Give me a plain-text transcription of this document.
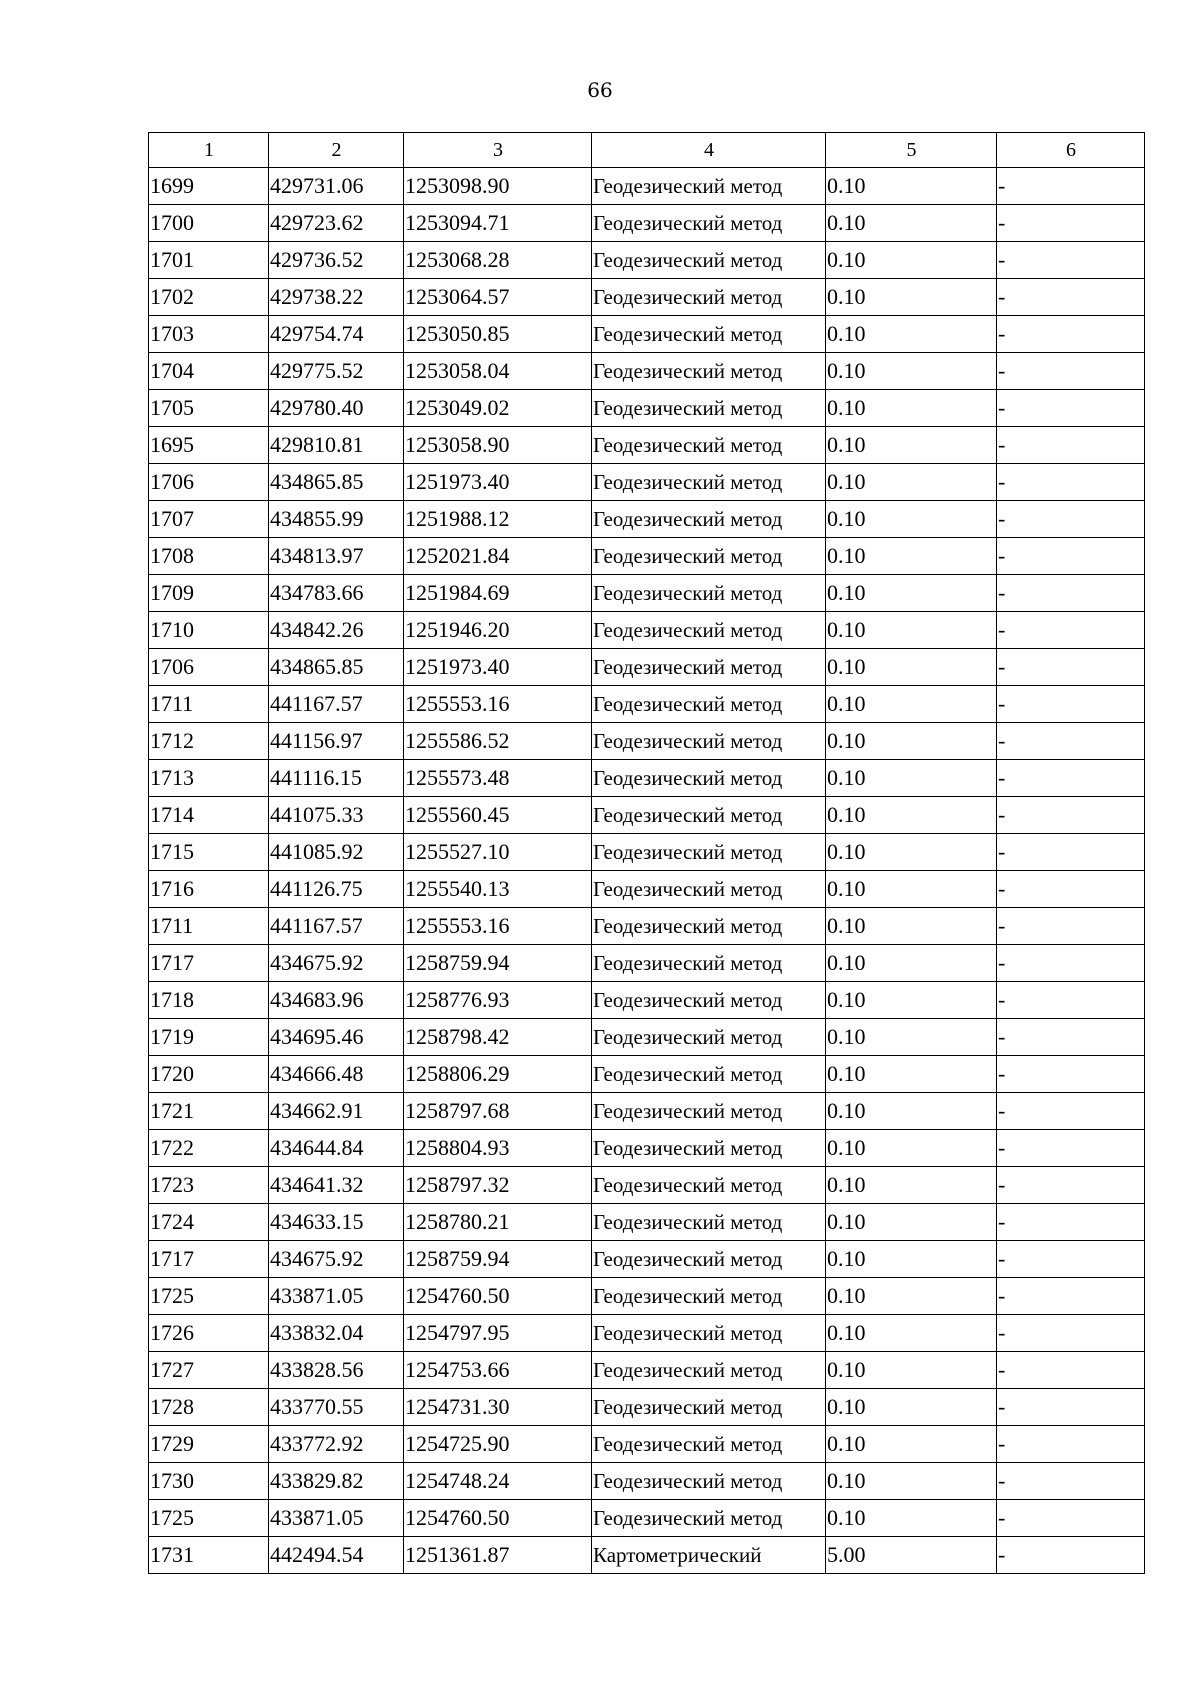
66
1	2	3	4	5	6
1699	429731.06	1253098.90	Геодезический метод	0.10	-
1700	429723.62	1253094.71	Геодезический метод	0.10	-
1701	429736.52	1253068.28	Геодезический метод	0.10	-
1702	429738.22	1253064.57	Геодезический метод	0.10	-
1703	429754.74	1253050.85	Геодезический метод	0.10	-
1704	429775.52	1253058.04	Геодезический метод	0.10	-
1705	429780.40	1253049.02	Геодезический метод	0.10	-
1695	429810.81	1253058.90	Геодезический метод	0.10	-
1706	434865.85	1251973.40	Геодезический метод	0.10	-
1707	434855.99	1251988.12	Геодезический метод	0.10	-
1708	434813.97	1252021.84	Геодезический метод	0.10	-
1709	434783.66	1251984.69	Геодезический метод	0.10	-
1710	434842.26	1251946.20	Геодезический метод	0.10	-
1706	434865.85	1251973.40	Геодезический метод	0.10	-
1711	441167.57	1255553.16	Геодезический метод	0.10	-
1712	441156.97	1255586.52	Геодезический метод	0.10	-
1713	441116.15	1255573.48	Геодезический метод	0.10	-
1714	441075.33	1255560.45	Геодезический метод	0.10	-
1715	441085.92	1255527.10	Геодезический метод	0.10	-
1716	441126.75	1255540.13	Геодезический метод	0.10	-
1711	441167.57	1255553.16	Геодезический метод	0.10	-
1717	434675.92	1258759.94	Геодезический метод	0.10	-
1718	434683.96	1258776.93	Геодезический метод	0.10	-
1719	434695.46	1258798.42	Геодезический метод	0.10	-
1720	434666.48	1258806.29	Геодезический метод	0.10	-
1721	434662.91	1258797.68	Геодезический метод	0.10	-
1722	434644.84	1258804.93	Геодезический метод	0.10	-
1723	434641.32	1258797.32	Геодезический метод	0.10	-
1724	434633.15	1258780.21	Геодезический метод	0.10	-
1717	434675.92	1258759.94	Геодезический метод	0.10	-
1725	433871.05	1254760.50	Геодезический метод	0.10	-
1726	433832.04	1254797.95	Геодезический метод	0.10	-
1727	433828.56	1254753.66	Геодезический метод	0.10	-
1728	433770.55	1254731.30	Геодезический метод	0.10	-
1729	433772.92	1254725.90	Геодезический метод	0.10	-
1730	433829.82	1254748.24	Геодезический метод	0.10	-
1725	433871.05	1254760.50	Геодезический метод	0.10	-
1731	442494.54	1251361.87	Картометрический	5.00	-
